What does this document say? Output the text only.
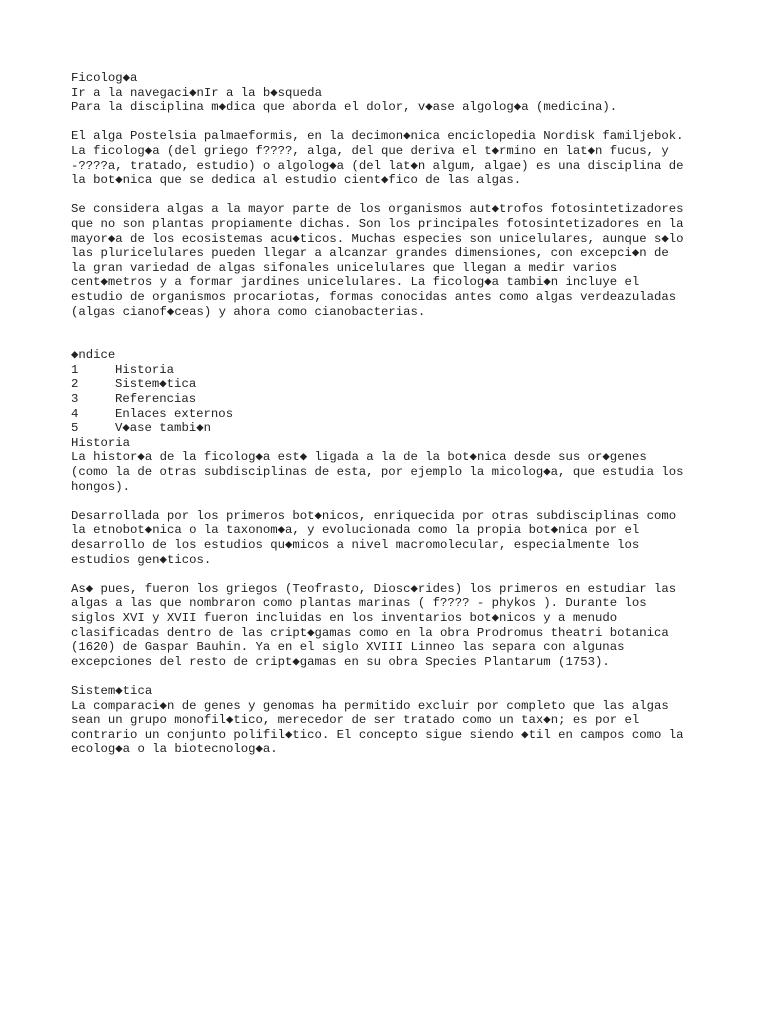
Ficolog◆a
Ir a la navegaci◆nIr a la b◆squeda
Para la disciplina m◆dica que aborda el dolor, v◆ase algolog◆a (medicina).
El alga Postelsia palmaeformis, en la decimon◆nica enciclopedia Nordisk familjebok.
La ficolog◆a (del griego f????, alga, del que deriva el t◆rmino en lat◆n fucus, y
-????a, tratado, estudio) o algolog◆a (del lat◆n algum, algae) es una disciplina de
la bot◆nica que se dedica al estudio cient◆fico de las algas.
Se considera algas a la mayor parte de los organismos aut◆trofos fotosintetizadores
que no son plantas propiamente dichas. Son los principales fotosintetizadores en la
mayor◆a de los ecosistemas acu◆ticos. Muchas especies son unicelulares, aunque s◆lo
las pluricelulares pueden llegar a alcanzar grandes dimensiones, con excepci◆n de
la gran variedad de algas sifonales unicelulares que llegan a medir varios
cent◆metros y a formar jardines unicelulares. La ficolog◆a tambi◆n incluye el
estudio de organismos procariotas, formas conocidas antes como algas verdeazuladas
(algas cianof◆ceas) y ahora como cianobacterias.
◆ndice
1	Historia
2	Sistem◆tica
3	Referencias
4	Enlaces externos
5	V◆ase tambi◆n
Historia
La histor◆a de la ficolog◆a est◆ ligada a la de la bot◆nica desde sus or◆genes
(como la de otras subdisciplinas de esta, por ejemplo la micolog◆a, que estudia los
hongos).
Desarrollada por los primeros bot◆nicos, enriquecida por otras subdisciplinas como
la etnobot◆nica o la taxonom◆a, y evolucionada como la propia bot◆nica por el
desarrollo de los estudios qu◆micos a nivel macromolecular, especialmente los
estudios gen◆ticos.
As◆ pues, fueron los griegos (Teofrasto, Diosc◆rides) los primeros en estudiar las
algas a las que nombraron como plantas marinas ( f???? - phykos ). Durante los
siglos XVI y XVII fueron incluidas en los inventarios bot◆nicos y a menudo
clasificadas dentro de las cript◆gamas como en la obra Prodromus theatri botanica
(1620) de Gaspar Bauhin. Ya en el siglo XVIII Linneo las separa con algunas
excepciones del resto de cript◆gamas en su obra Species Plantarum (1753).
Sistem◆tica
La comparaci◆n de genes y genomas ha permitido excluir por completo que las algas
sean un grupo monofil◆tico, merecedor de ser tratado como un tax◆n; es por el
contrario un conjunto polifil◆tico. El concepto sigue siendo ◆til en campos como la
ecolog◆a o la biotecnolog◆a.
